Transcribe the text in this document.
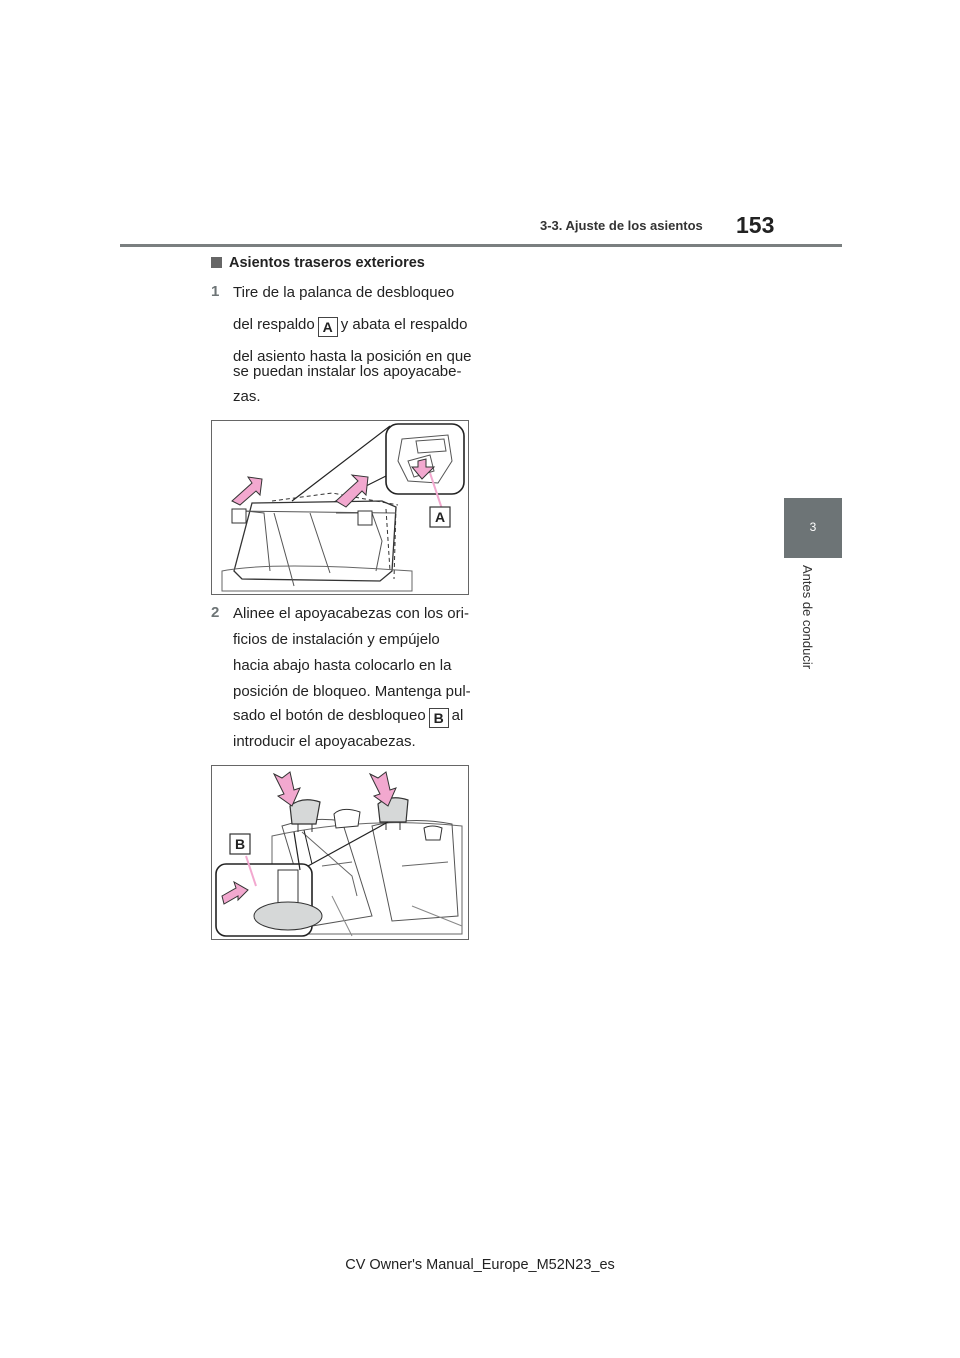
3-3. Ajuste de los asientos 153
3
Antes de conducir
Asientos traseros exteriores
1 Tire de la palanca de desbloqueo
del respaldo A y abata el respaldo
del asiento hasta la posición en que
se puedan instalar los apoyacabe-
zas.
A
2 Alinee el apoyacabezas con los ori-
ficios de instalación y empújelo
hacia abajo hasta colocarlo en la
posición de bloqueo. Mantenga pul-
sado el botón de desbloqueo B al
introducir el apoyacabezas.
B
CV Owner's Manual_Europe_M52N23_es
